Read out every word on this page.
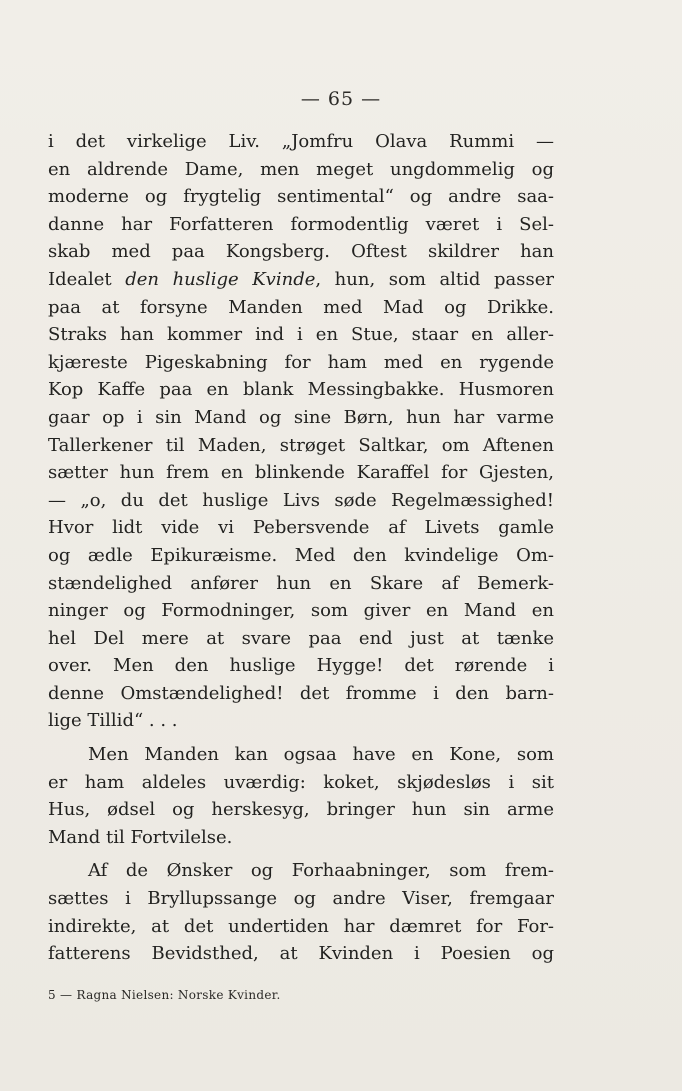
— 65 —
i det virkelige Liv. „Jomfru Olava Rummi —
en aldrende Dame, men meget ungdommelig og
moderne og frygtelig sentimental“ og andre saa-
danne har Forfatteren formodentlig været i Sel-
skab med paa Kongsberg. Oftest skildrer han
Idealet den huslige Kvinde, hun, som altid passer
paa at forsyne Manden med Mad og Drikke.
Straks han kommer ind i en Stue, staar en aller-
kjæreste Pigeskabning for ham med en rygende
Kop Kaffe paa en blank Messingbakke. Husmoren
gaar op i sin Mand og sine Børn, hun har varme
Tallerkener til Maden, strøget Saltkar, om Aftenen
sætter hun frem en blinkende Karaffel for Gjesten,
— „o, du det huslige Livs søde Regelmæssighed!
Hvor lidt vide vi Pebersvende af Livets gamle
og ædle Epikuræisme. Med den kvindelige Om-
stændelighed anfører hun en Skare af Bemerk-
ninger og Formodninger, som giver en Mand en
hel Del mere at svare paa end just at tænke
over. Men den huslige Hygge! det rørende i
denne Omstændelighed! det fromme i den barn-
lige Tillid“ . . .
Men Manden kan ogsaa have en Kone, som
er ham aldeles uværdig: koket, skjødesløs i sit
Hus, ødsel og herskesyg, bringer hun sin arme
Mand til Fortvilelse.
Af de Ønsker og Forhaabninger, som frem-
sættes i Bryllupssange og andre Viser, fremgaar
indirekte, at det undertiden har dæmret for For-
fatterens Bevidsthed, at Kvinden i Poesien og
5 — Ragna Nielsen: Norske Kvinder.
